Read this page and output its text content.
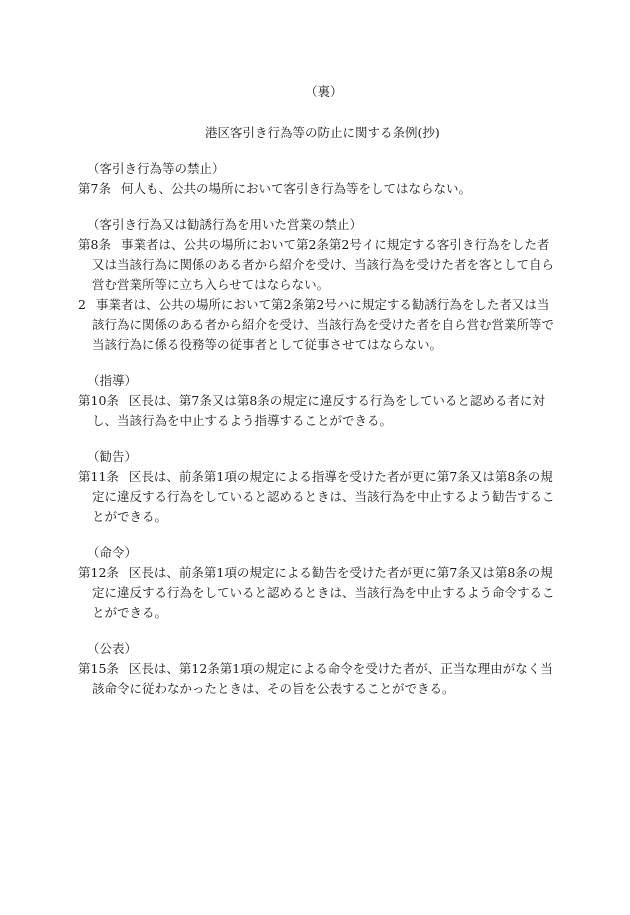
（裏）
港区客引き行為等の防止に関する条例(抄)
（客引き行為等の禁止）

第7条 何人も、公共の場所において客引き行為等をしてはならない。

（客引き行為又は勧誘行為を用いた営業の禁止）

第8条 事業者は、公共の場所において第2条第2号イに規定する客引き行為をした者又は当該行為に関係のある者から紹介を受け、当該行為を受けた者を客として自ら営む営業所等に立ち入らせてはならない。

2 事業者は、公共の場所において第2条第2号ハに規定する勧誘行為をした者又は当該行為に関係のある者から紹介を受け、当該行為を受けた者を自ら営む営業所等で当該行為に係る役務等の従事者として従事させてはならない。

（指導）

第10条 区長は、第7条又は第8条の規定に違反する行為をしていると認める者に対し、当該行為を中止するよう指導することができる。

（勧告）

第11条 区長は、前条第1項の規定による指導を受けた者が更に第7条又は第8条の規定に違反する行為をしていると認めるときは、当該行為を中止するよう勧告することができる。

（命令）

第12条 区長は、前条第1項の規定による勧告を受けた者が更に第7条又は第8条の規定に違反する行為をしていると認めるときは、当該行為を中止するよう命令することができる。

（公表）

第15条 区長は、第12条第1項の規定による命令を受けた者が、正当な理由がなく当該命令に従わなかったときは、その旨を公表することができる。
